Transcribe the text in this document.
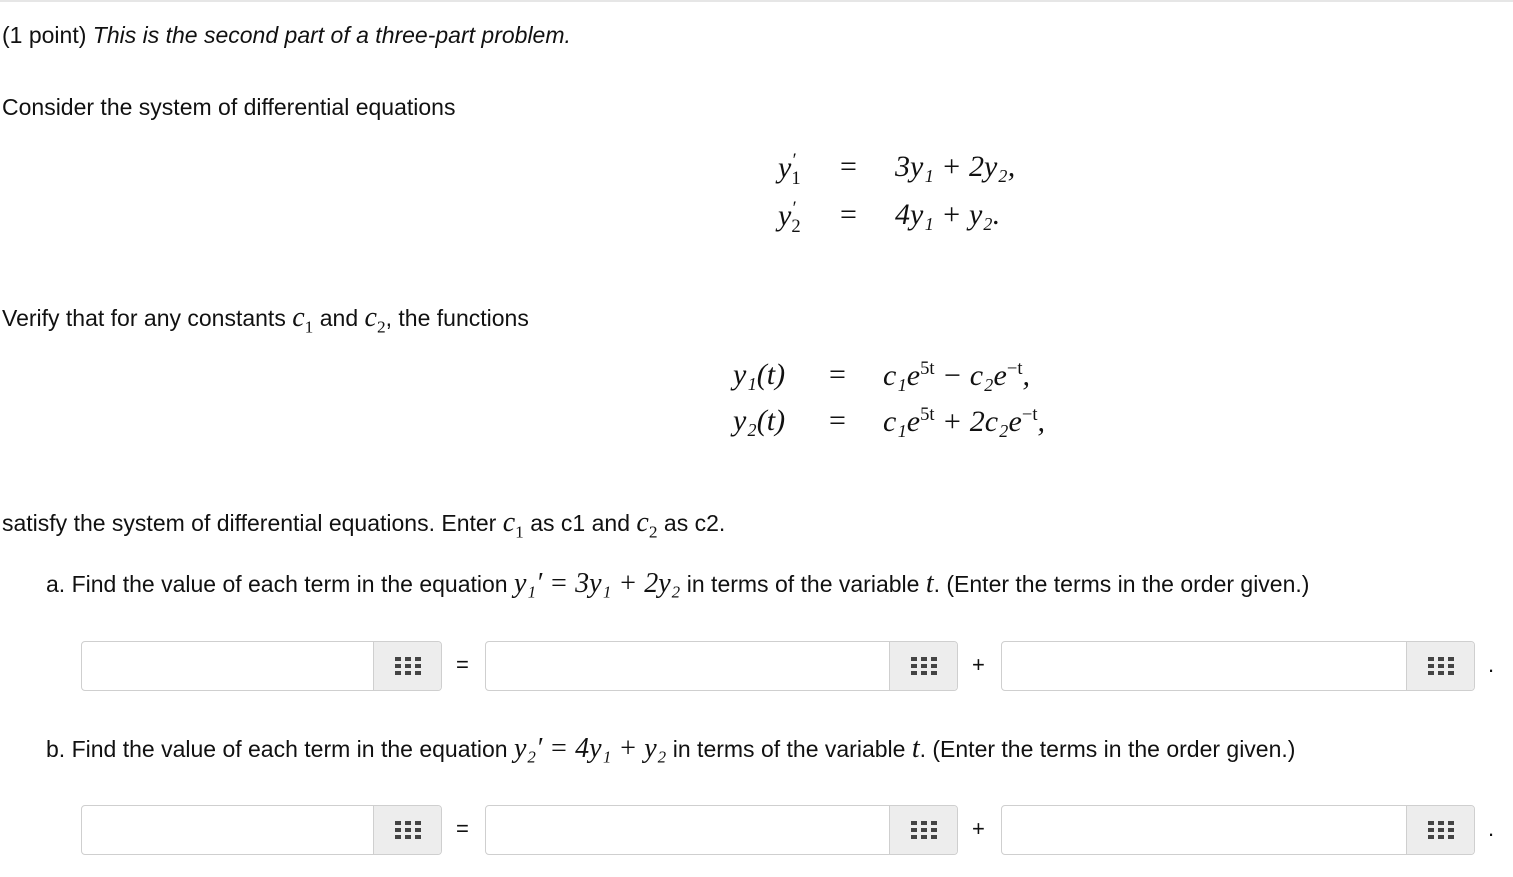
(1 point) This is the second part of a three-part problem.
Consider the system of differential equations
$y_1' = 3y_1 + 2y_2$,
$y_2' = 4y_1 + y_2$.
Verify that for any constants $c_1$ and $c_2$, the functions
$y_1(t) = c_1e^{5t} - c_2e^{-t}$,
$y_2(t) = c_1e^{5t} + 2c_2e^{-t}$,
satisfy the system of differential equations. Enter $c_1$ as c1 and $c_2$ as c2.
a. Find the value of each term in the equation y₁′ = 3y₁ + 2y₂ in terms of the variable t. (Enter the terms in the order given.)
=	+	.
b. Find the value of each term in the equation y₂′ = 4y₁ + y₂ in terms of the variable t. (Enter the terms in the order given.)
=	+	.
